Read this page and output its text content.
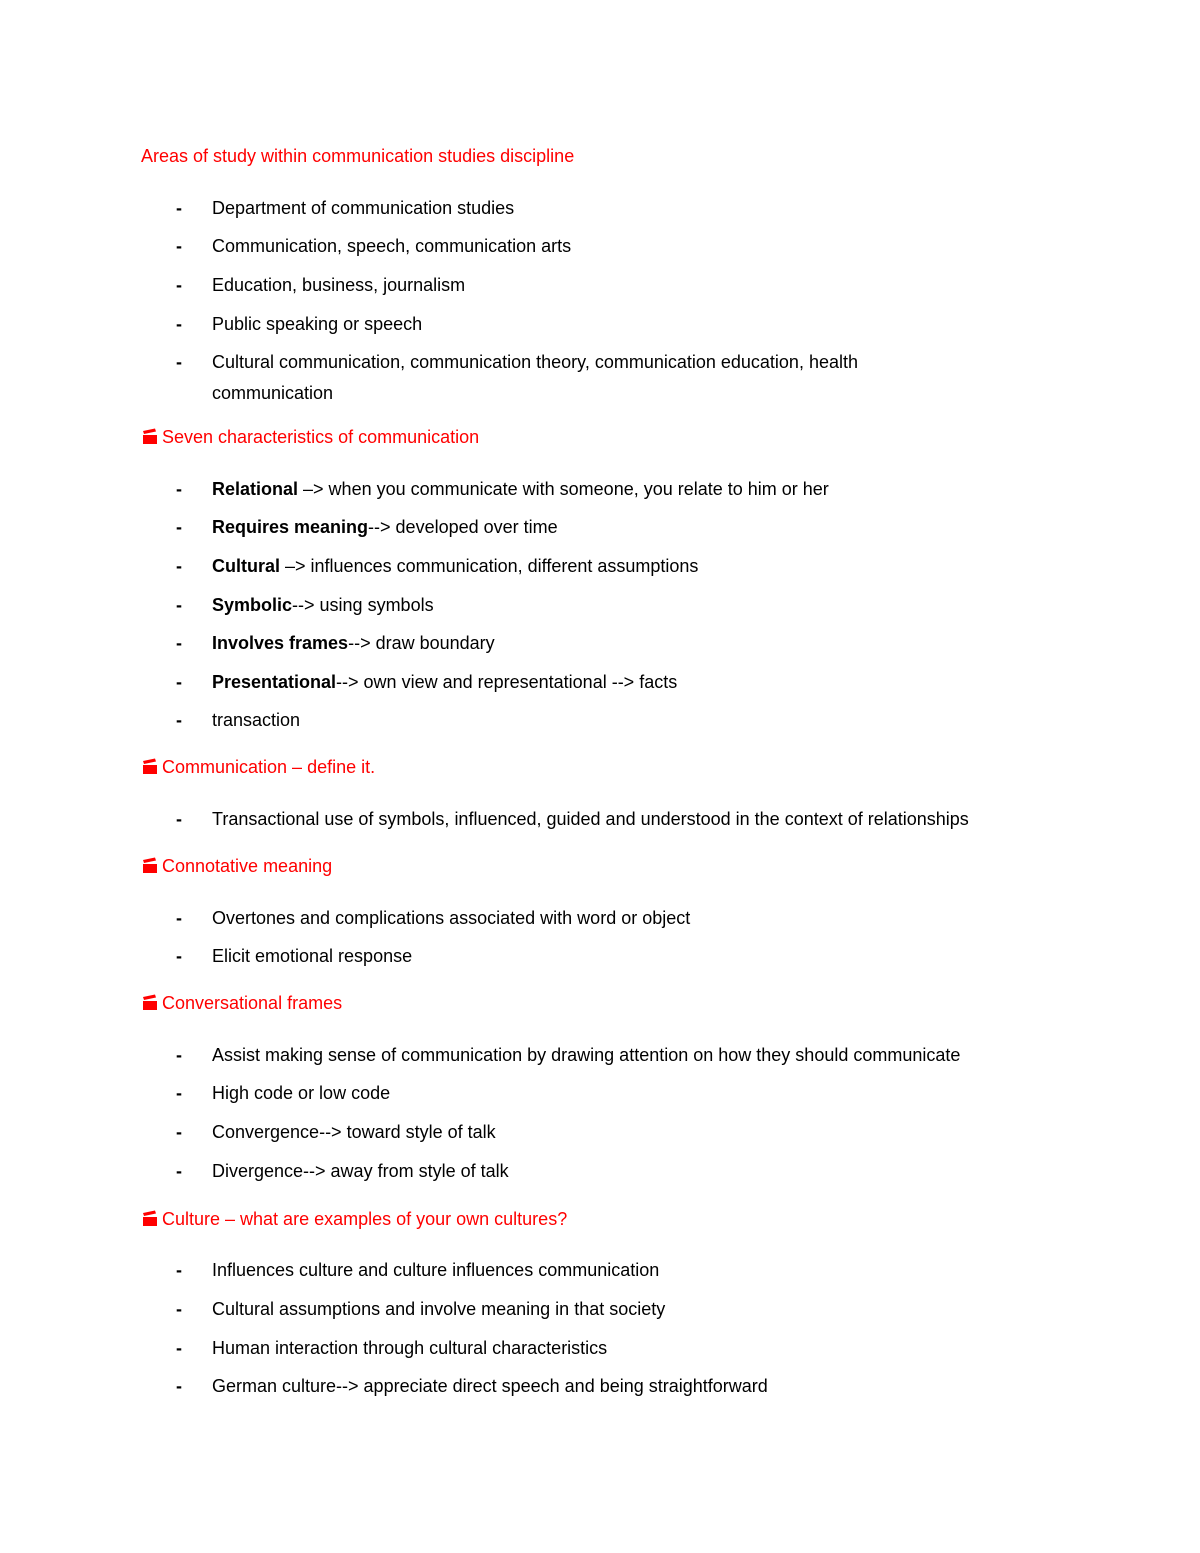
Areas of study within communication studies discipline
- Department of communication studies
- Communication, speech, communication arts
- Education, business, journalism
- Public speaking or speech
- Cultural communication, communication theory, communication education, health communication
Seven characteristics of communication
- Relational –> when you communicate with someone, you relate to him or her
- Requires meaning--> developed over time
- Cultural –> influences communication, different assumptions
- Symbolic--> using symbols
- Involves frames--> draw boundary
- Presentational--> own view and representational --> facts
- transaction
Communication – define it.
- Transactional use of symbols, influenced, guided and understood in the context of relationships
Connotative meaning
- Overtones and complications associated with word or object
- Elicit emotional response
Conversational frames
- Assist making sense of communication by drawing attention on how they should communicate
- High code or low code
- Convergence--> toward style of talk
- Divergence--> away from style of talk
Culture – what are examples of your own cultures?
- Influences culture and culture influences communication
- Cultural assumptions and involve meaning in that society
- Human interaction through cultural characteristics
- German culture--> appreciate direct speech and being straightforward
